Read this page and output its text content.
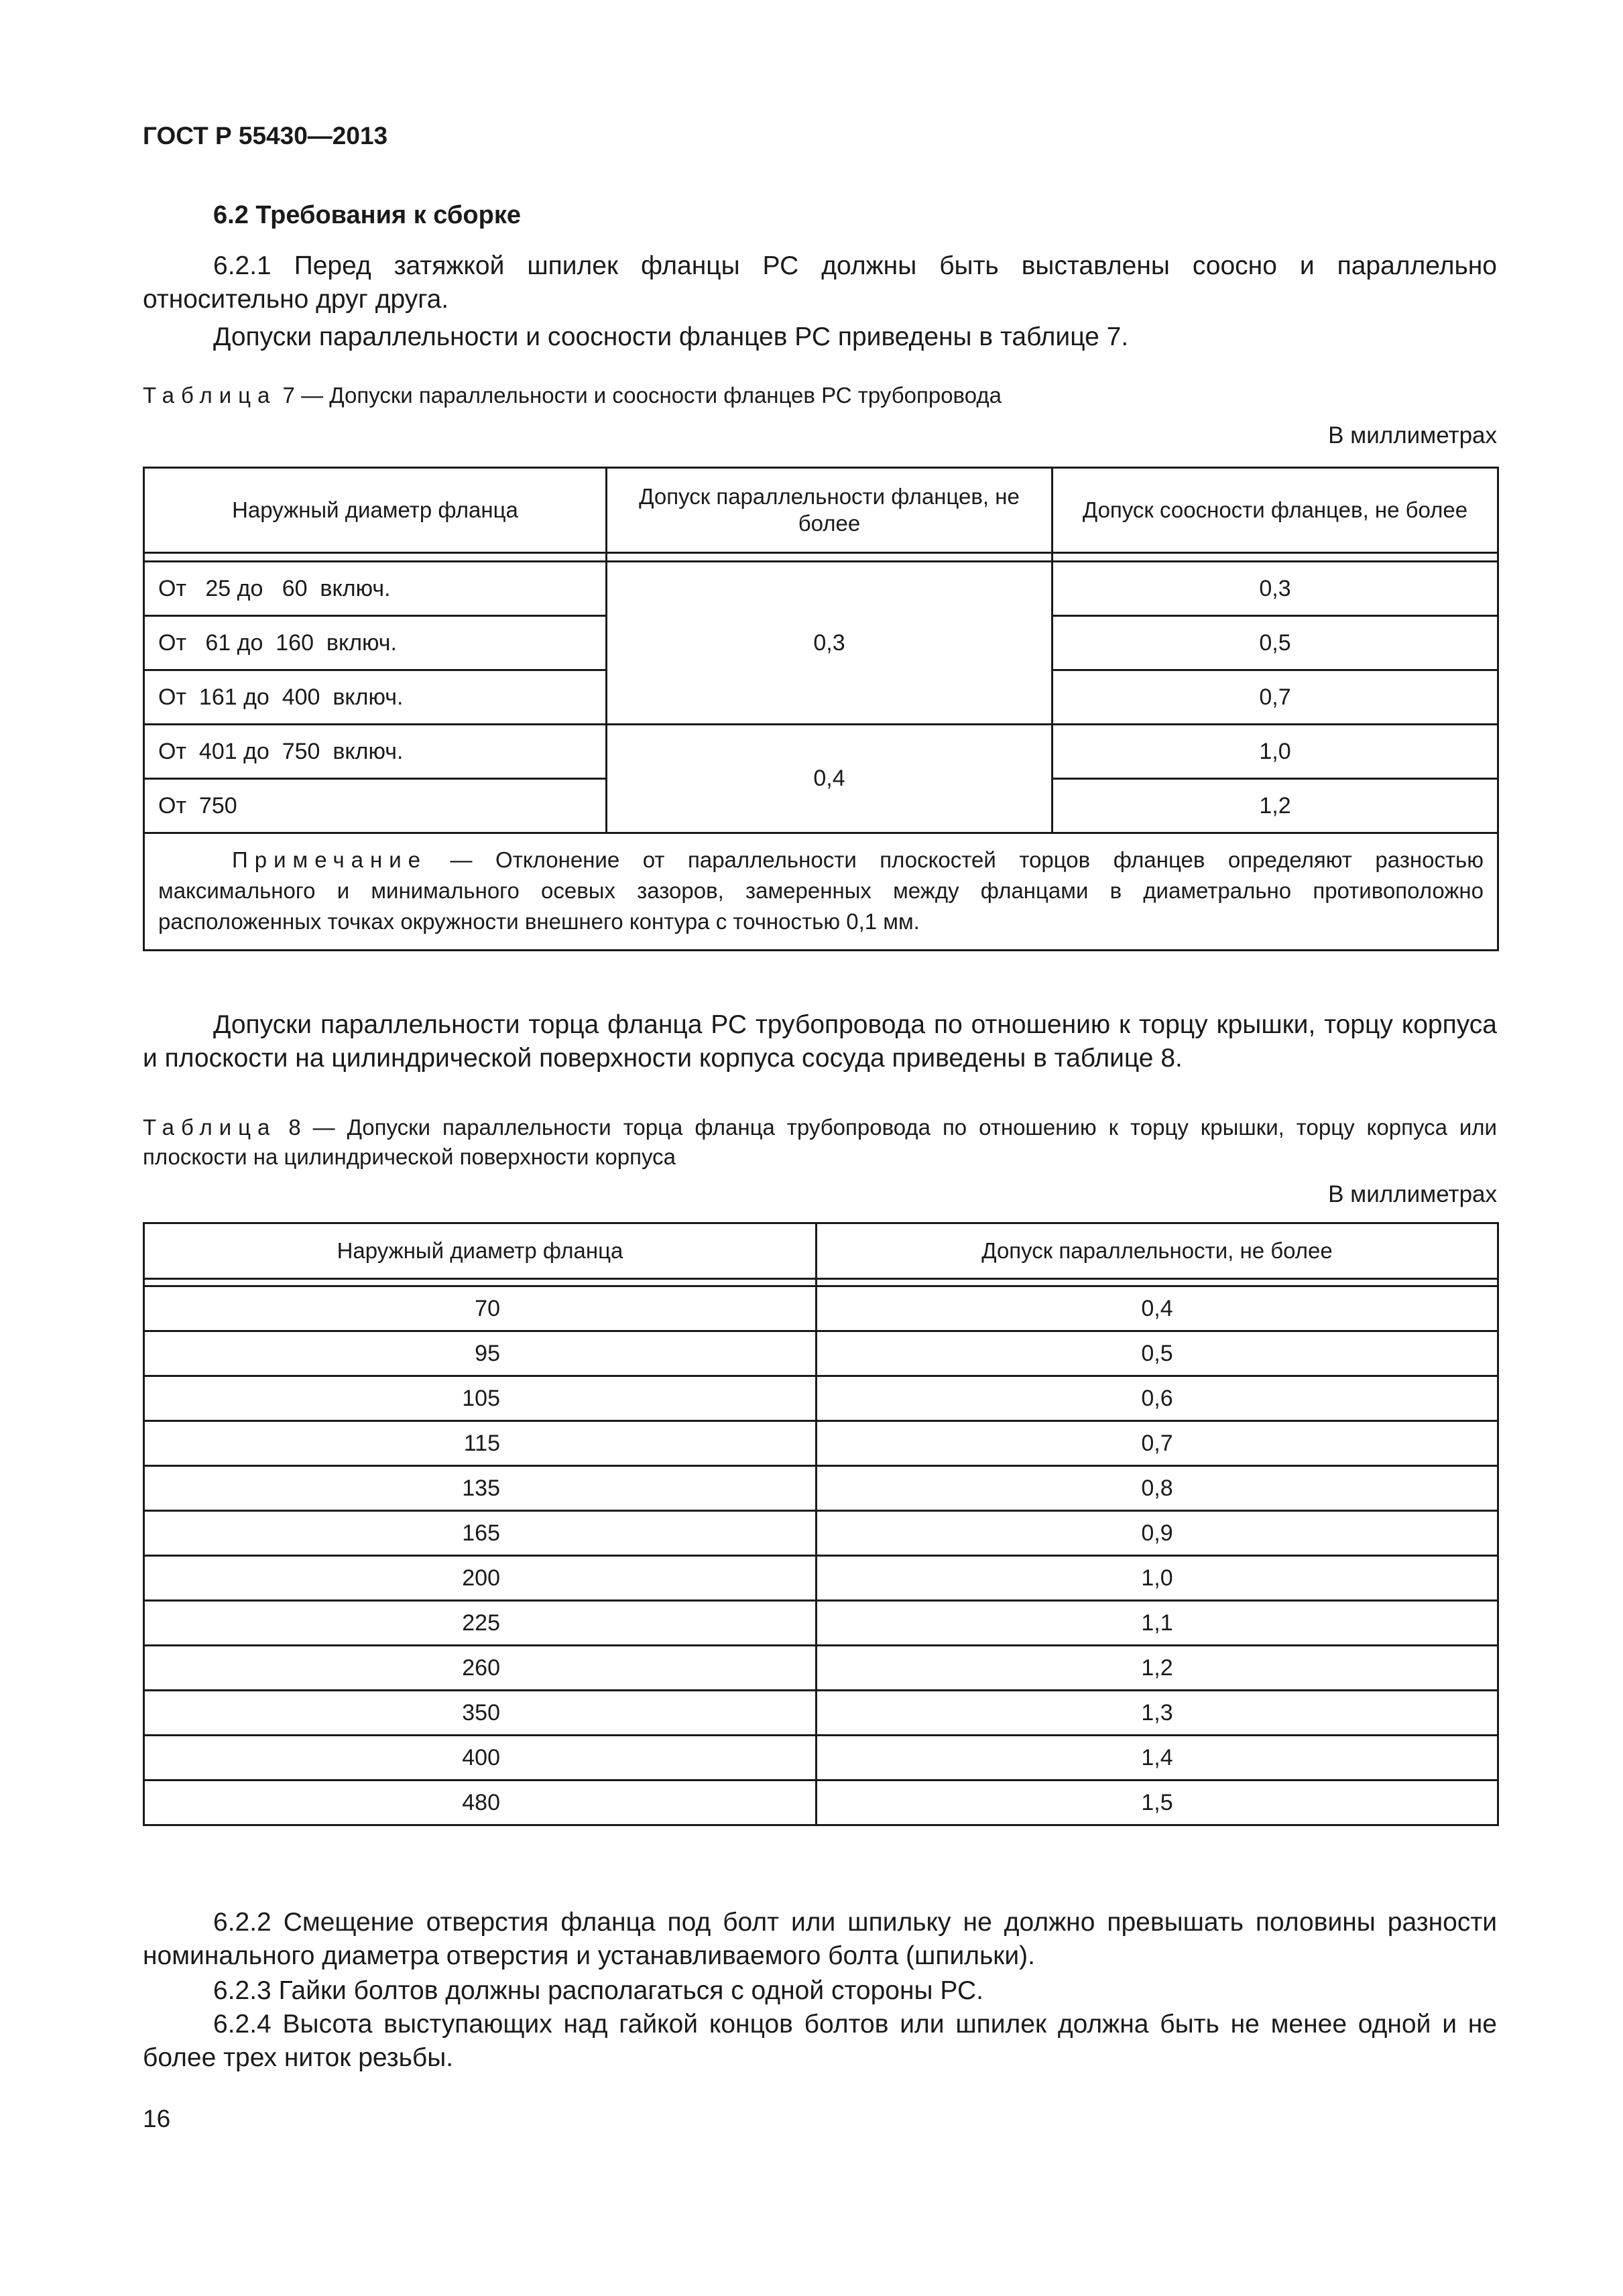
ГОСТ Р 55430—2013
6.2 Требования к сборке
6.2.1 Перед затяжкой шпилек фланцы РС должны быть выставлены соосно и параллельно относительно друг друга.
Допуски параллельности и соосности фланцев РС приведены в таблице 7.
Таблица 7 — Допуски параллельности и соосности фланцев РС трубопровода
В миллиметрах
Наружный диаметр фланца	Допуск параллельности фланцев, не более	Допуск соосности фланцев, не более

От   25 до   60  включ.	0,3	0,3
От   61 до  160  включ.		0,5
От  161 до  400  включ.		0,7
От  401 до  750  включ.	0,4	1,0
От  750		1,2
Примечание — Отклонение от параллельности плоскостей торцов фланцев определяют разностью максимального и минимального осевых зазоров, замеренных между фланцами в диаметрально противоположно расположенных точках окружности внешнего контура с точностью 0,1 мм.		
Допуски параллельности торца фланца РС трубопровода по отношению к торцу крышки, торцу корпуса и плоскости на цилиндрической поверхности корпуса сосуда приведены в таблице 8.
Таблица 8 — Допуски параллельности торца фланца трубопровода по отношению к торцу крышки, торцу корпуса или плоскости на цилиндрической поверхности корпуса
В миллиметрах
Наружный диаметр фланца	Допуск параллельности, не более

70	0,4
95	0,5
105	0,6
115	0,7
135	0,8
165	0,9
200	1,0
225	1,1
260	1,2
350	1,3
400	1,4
480	1,5
6.2.2 Смещение отверстия фланца под болт или шпильку не должно превышать половины разности номинального диаметра отверстия и устанавливаемого болта (шпильки).
6.2.3 Гайки болтов должны располагаться с одной стороны РС.
6.2.4 Высота выступающих над гайкой концов болтов или шпилек должна быть не менее одной и не более трех ниток резьбы.
16
